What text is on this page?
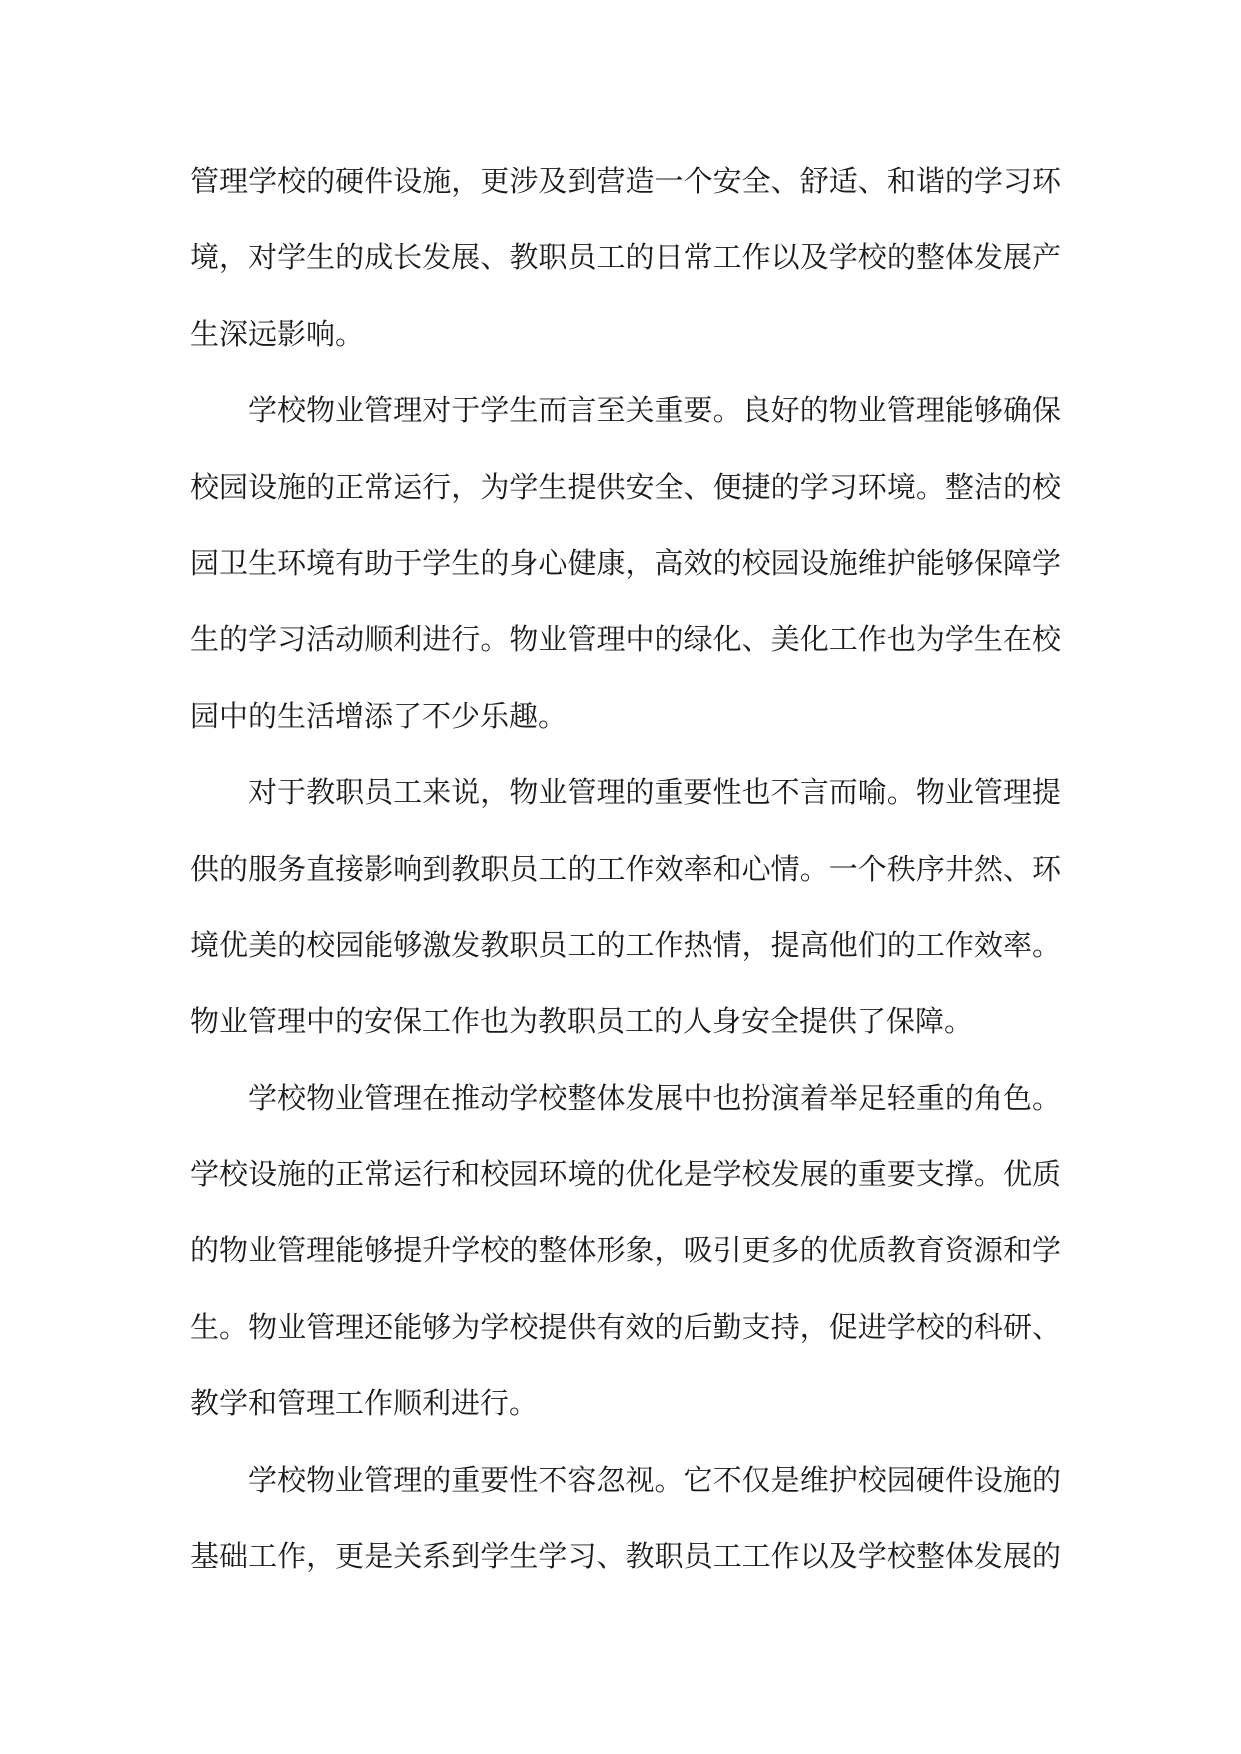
管理学校的硬件设施，更涉及到营造一个安全、舒适、和谐的学习环
境，对学生的成长发展、教职员工的日常工作以及学校的整体发展产
生深远影响。
学校物业管理对于学生而言至关重要。良好的物业管理能够确保
校园设施的正常运行，为学生提供安全、便捷的学习环境。整洁的校
园卫生环境有助于学生的身心健康，高效的校园设施维护能够保障学
生的学习活动顺利进行。物业管理中的绿化、美化工作也为学生在校
园中的生活增添了不少乐趣。
对于教职员工来说，物业管理的重要性也不言而喻。物业管理提
供的服务直接影响到教职员工的工作效率和心情。一个秩序井然、环
境优美的校园能够激发教职员工的工作热情，提高他们的工作效率。
物业管理中的安保工作也为教职员工的人身安全提供了保障。
学校物业管理在推动学校整体发展中也扮演着举足轻重的角色。
学校设施的正常运行和校园环境的优化是学校发展的重要支撑。优质
的物业管理能够提升学校的整体形象，吸引更多的优质教育资源和学
生。物业管理还能够为学校提供有效的后勤支持，促进学校的科研、
教学和管理工作顺利进行。
学校物业管理的重要性不容忽视。它不仅是维护校园硬件设施的
基础工作，更是关系到学生学习、教职员工工作以及学校整体发展的
